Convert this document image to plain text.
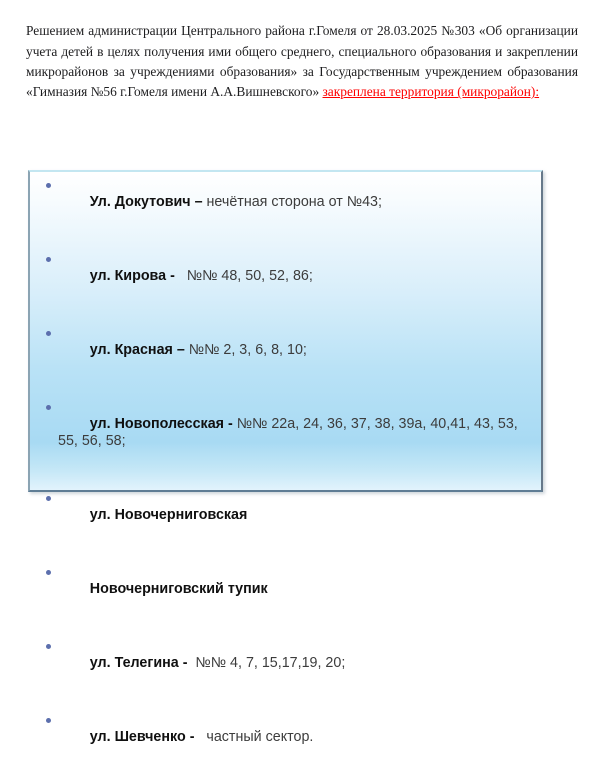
Решением администрации Центрального района г.Гомеля от 28.03.2025 №303 «Об организации учета детей в целях получения ими общего среднего, специального образования и закреплении микрорайонов за учреждениями образования» за Государственным учреждением образования «Гимназия №56 г.Гомеля имени А.А.Вишневского» закреплена территория (микрорайон):

Ул. Докутович – нечётная сторона от №43;

ул. Кирова -   №№ 48, 50, 52, 86;

ул. Красная – №№ 2, 3, 6, 8, 10;

ул. Новополесская - №№ 22а, 24, 36, 37, 38, 39а, 40,41, 43, 53, 55, 56, 58;

ул. Новочерниговская

Новочерниговский тупик

ул. Телегина -  №№ 4, 7, 15,17,19, 20;

ул. Шевченко -   частный сектор.
